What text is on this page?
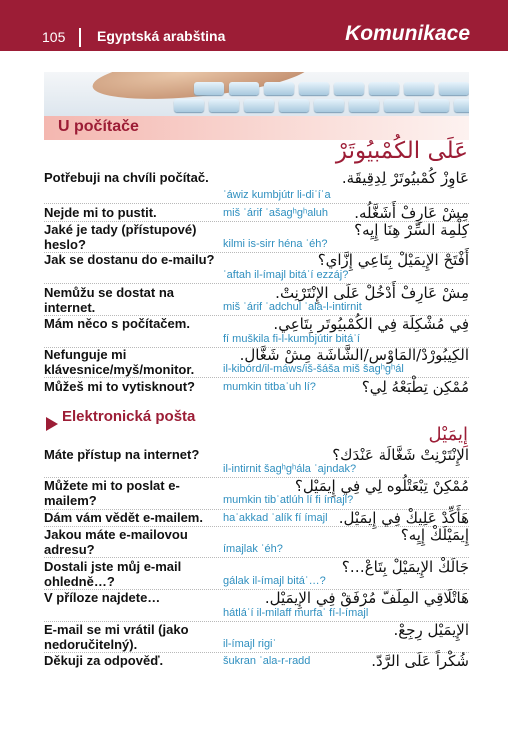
105 Egyptská arabština	Komunikace
U počítače
عَلَى الكُمْبيُوتَرْ
Potřebuji na chvíli počítač.	عَاوِزْ كُمْبيُوتَرْ لِدِقِيقَة.
ʿáwiz kumbjútr li-diʾíʾa
Nejde mi to pustit.	مِشْ عَارِفْ أَشَغَّلُه.
miš ʿárif ʾašagʰgʰaluh
Jaké je tady (přístupové) heslo?
كِلْمِة السِّرْ هِنَا إِيِه؟
kilmi is-sirr héna ʾéh?
Jak se dostanu do e-mailu?	أَفْتَحْ الإِيمَيْلْ بِتَاعِي إِزَّاي؟
ʾaftah il-ímajl bitáʿí ezzáj?
Nemůžu se dostat na internet.
مِشْ عَارِفْ أَدْخُلْ عَلَى الإِنْتَرْنِتْ.
miš ʿárif ʾadchul ʿala-l-intirnit
Mám něco s počítačem.	فِي مُشْكِلَة فِي الكُمْبيُوتَر بِتَاعِي.
fí muškila fi-l-kumbjútir bitáʿí
Nefunguje mi klávesnice/myš/monitor.
الكِيبُورْدْ/المَاوْس/الشَّاشَة مِشْ شَغَّال.
il-kibórd/il-máws/iš-šáša miš šagʰgʰál
Můžeš mi to vytisknout?	مُمْكِن تِطْبَعْهُ لِي؟
mumkin titbaʿuh lí?
Elektronická pošta
إِيمَيْل
Máte přístup na internet?	الإِنْتَرْنِتْ شَغَّالَة عَنْدَك؟
il-intirnit šagʰgʰála ʿajndak?
Můžete mi to poslat e-mailem?
مُمْكِنْ تِبْعَتْلُوه لِي فِي إِيمَيْل؟
mumkin tibʿatlúh lí fi ímajl?
Dám vám vědět e-mailem.	هَأَكِّدْ عَلِيكْ فِي إِيمَيْل.
haʾakkad ʿalík fí ímajl
Jakou máte e-mailovou adresu?
إِيمَيْلَكْ إِيِه؟
ímajlak ʾéh?
Dostali jste můj e-mail ohledně…?
جَالَكْ الإِيمَيْلْ بِتَاعْ…؟
gálak il-ímajl bitáʿ…?
V příloze najdete…	هَاتْلَاقِي المِلَفّ مُرْفَقْ فِي الإِيمَيْل.
hátláʾí il-milaff murfaʾ fí-l-ímajl
E-mail se mi vrátil (jako nedoručitelný).
الإِيمَيْل رِجِعْ.
il-ímajl rigiʿ
Děkuji za odpověď.	شُكْراً عَلَى الرَّدّ.
šukran ʿala-r-radd
